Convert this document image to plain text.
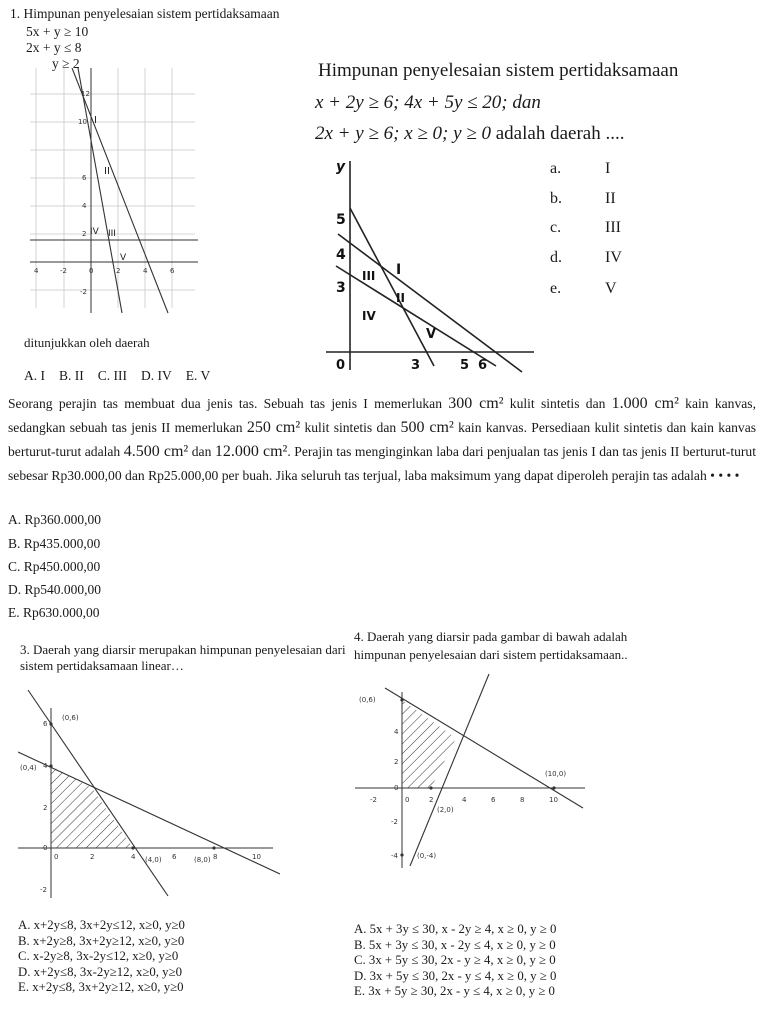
1. Himpunan penyelesaian sistem pertidaksamaan
5x + y ≥ 10
2x + y ≤ 8
y ≥ 2
12
10
6
4
2
-2
4	-2	0	2	4	6
I
II
IV III
V
ditunjukkan oleh daerah
A. I B. II C. III D. IV E. V
Himpunan penyelesaian sistem pertidaksamaan
x + 2y ≥ 6; 4x + 5y ≤ 20; dan
2x + y ≥ 6; x ≥ 0; y ≥ 0 adalah daerah ....
y
5
4
3
0	3	5 6
I
III
II
IV
V
a.	I
b.	II
c.	III
d.	IV
e.	V
Seorang perajin tas membuat dua jenis tas. Sebuah tas jenis I memerlukan 300 cm² kulit sintetis dan 1.000 cm² kain kanvas, sedangkan sebuah tas jenis II memerlukan 250 cm² kulit sintetis dan 500 cm² kain kanvas. Persediaan kulit sintetis dan kain kanvas berturut-turut adalah 4.500 cm² dan 12.000 cm². Perajin tas menginginkan laba dari penjualan tas jenis I dan tas jenis II berturut-turut sebesar Rp30.000,00 dan Rp25.000,00 per buah. Jika seluruh tas terjual, laba maksimum yang dapat diperoleh perajin tas adalah • • • •
A. Rp360.000,00
B. Rp435.000,00
C. Rp450.000,00
D. Rp540.000,00
E. Rp630.000,00
3. Daerah yang diarsir merupakan himpunan penyelesaian dari sistem pertidaksamaan linear…
(0,6)
(0,4)
(4,0)	(8,0)
6
4
2
0
-2
0	2	4	6	8	10
A. x+2y≤8, 3x+2y≤12, x≥0, y≥0
B. x+2y≥8, 3x+2y≥12, x≥0, y≥0
C. x-2y≥8, 3x-2y≤12, x≥0, y≥0
D. x+2y≤8, 3x-2y≥12, x≥0, y≥0
E. x+2y≤8, 3x+2y≥12, x≥0, y≥0
4. Daerah yang diarsir pada gambar di bawah adalah
himpunan penyelesaian dari sistem pertidaksamaan..
(0,6)
(10,0)
(2,0)
(0,-4)
4
2
0
-2
-4
-2	0	2	4	6	8	10
A. 5x + 3y ≤ 30, x - 2y ≥ 4, x ≥ 0, y ≥ 0
B. 5x + 3y ≤ 30, x - 2y ≤ 4, x ≥ 0, y ≥ 0
C. 3x + 5y ≤ 30, 2x - y ≥ 4, x ≥ 0, y ≥ 0
D. 3x + 5y ≤ 30, 2x - y ≤ 4, x ≥ 0, y ≥ 0
E. 3x + 5y ≥ 30, 2x - y ≤ 4, x ≥ 0, y ≥ 0
